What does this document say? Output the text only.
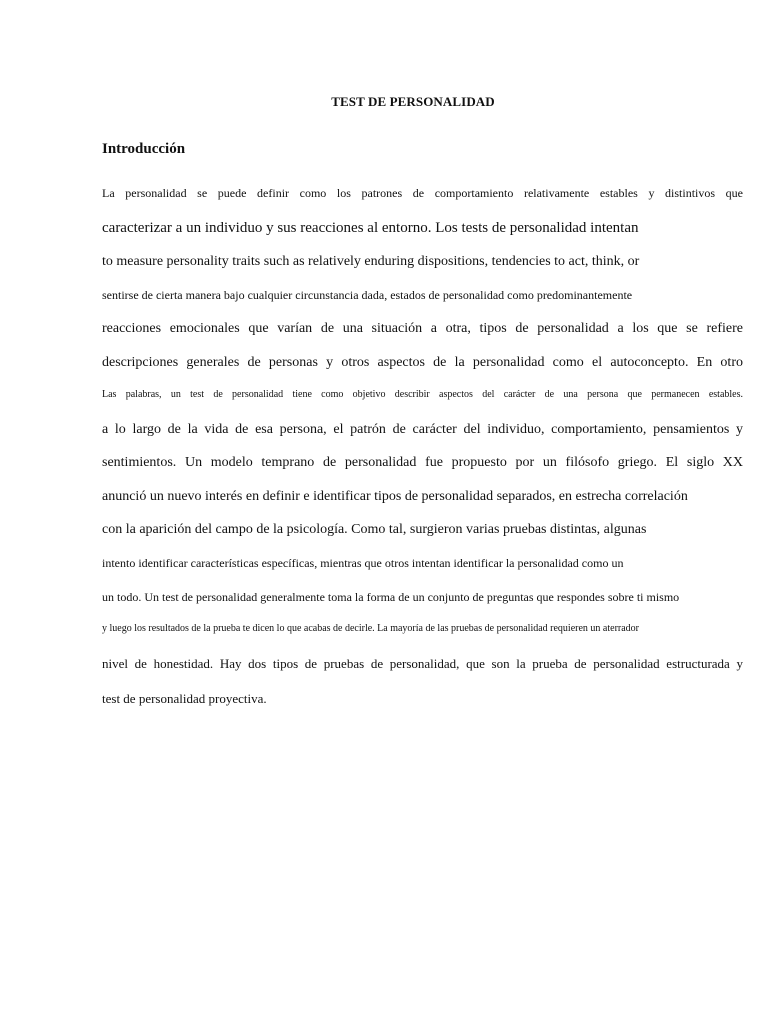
TEST DE PERSONALIDAD
Introducción
La personalidad se puede definir como los patrones de comportamiento relativamente estables y distintivos que
caracterizar a un individuo y sus reacciones al entorno. Los tests de personalidad intentan
to measure personality traits such as relatively enduring dispositions, tendencies to act, think, or
sentirse de cierta manera bajo cualquier circunstancia dada, estados de personalidad como predominantemente
reacciones emocionales que varían de una situación a otra, tipos de personalidad a los que se refiere
descripciones generales de personas y otros aspectos de la personalidad como el autoconcepto. En otro
Las palabras, un test de personalidad tiene como objetivo describir aspectos del carácter de una persona que permanecen estables.
a lo largo de la vida de esa persona, el patrón de carácter del individuo, comportamiento, pensamientos y
sentimientos. Un modelo temprano de personalidad fue propuesto por un filósofo griego. El siglo XX
anunció un nuevo interés en definir e identificar tipos de personalidad separados, en estrecha correlación
con la aparición del campo de la psicología. Como tal, surgieron varias pruebas distintas, algunas
intento identificar características específicas, mientras que otros intentan identificar la personalidad como un
un todo. Un test de personalidad generalmente toma la forma de un conjunto de preguntas que respondes sobre ti mismo
y luego los resultados de la prueba te dicen lo que acabas de decirle. La mayoría de las pruebas de personalidad requieren un aterrador
nivel de honestidad. Hay dos tipos de pruebas de personalidad, que son la prueba de personalidad estructurada y
test de personalidad proyectiva.
